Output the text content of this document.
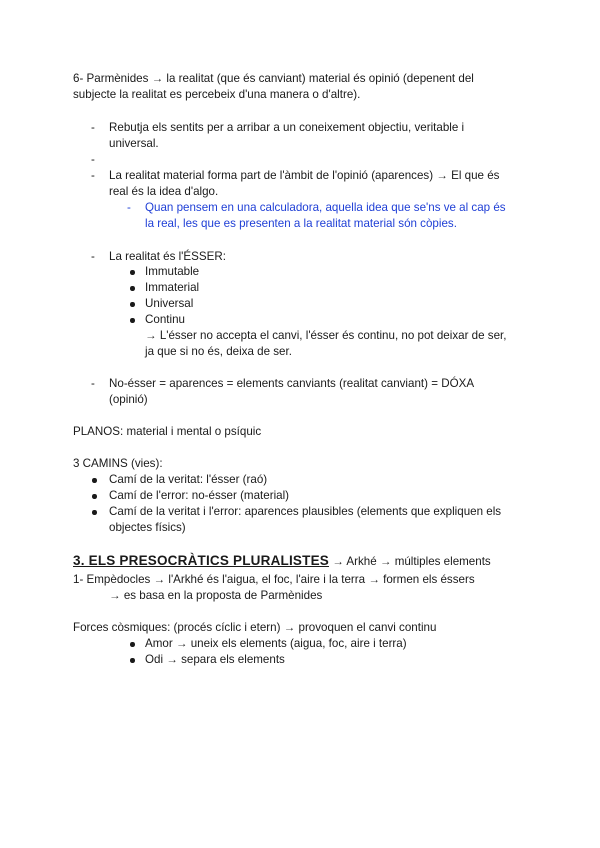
6- Parmènides → la realitat (que és canviant) material és opinió (depenent del
subjecte la realitat es percebeix d'una manera o d'altre).
- Rebutja els sentits per a arribar a un coneixement objectiu, veritable i
universal.
-
- La realitat material forma part de l'àmbit de l'opinió (aparences) → El que és
real és la idea d'algo.
- Quan pensem en una calculadora, aquella idea que se'ns ve al cap és
la real, les que es presenten a la realitat material són còpies.
- La realitat és l'ÉSSER:
Immutable
Immaterial
Universal
Continu
→ L'ésser no accepta el canvi, l'ésser és continu, no pot deixar de ser,
ja que si no és, deixa de ser.
- No-ésser = aparences = elements canviants (realitat canviant) = DÓXA
(opinió)
PLANOS: material i mental o psíquic
3 CAMINS (vies):
Camí de la veritat: l'ésser (raó)
Camí de l'error: no-ésser (material)
Camí de la veritat i l'error: aparences plausibles (elements que expliquen els
objectes físics)
3. ELS PRESOCRÀTICS PLURALISTES → Arkhé → múltiples elements
1- Empèdocles → l'Arkhé és l'aigua, el foc, l'aire i la terra → formen els éssers
→ es basa en la proposta de Parmènides
Forces còsmiques: (procés cíclic i etern) → provoquen el canvi continu
Amor → uneix els elements (aigua, foc, aire i terra)
Odi → separa els elements
